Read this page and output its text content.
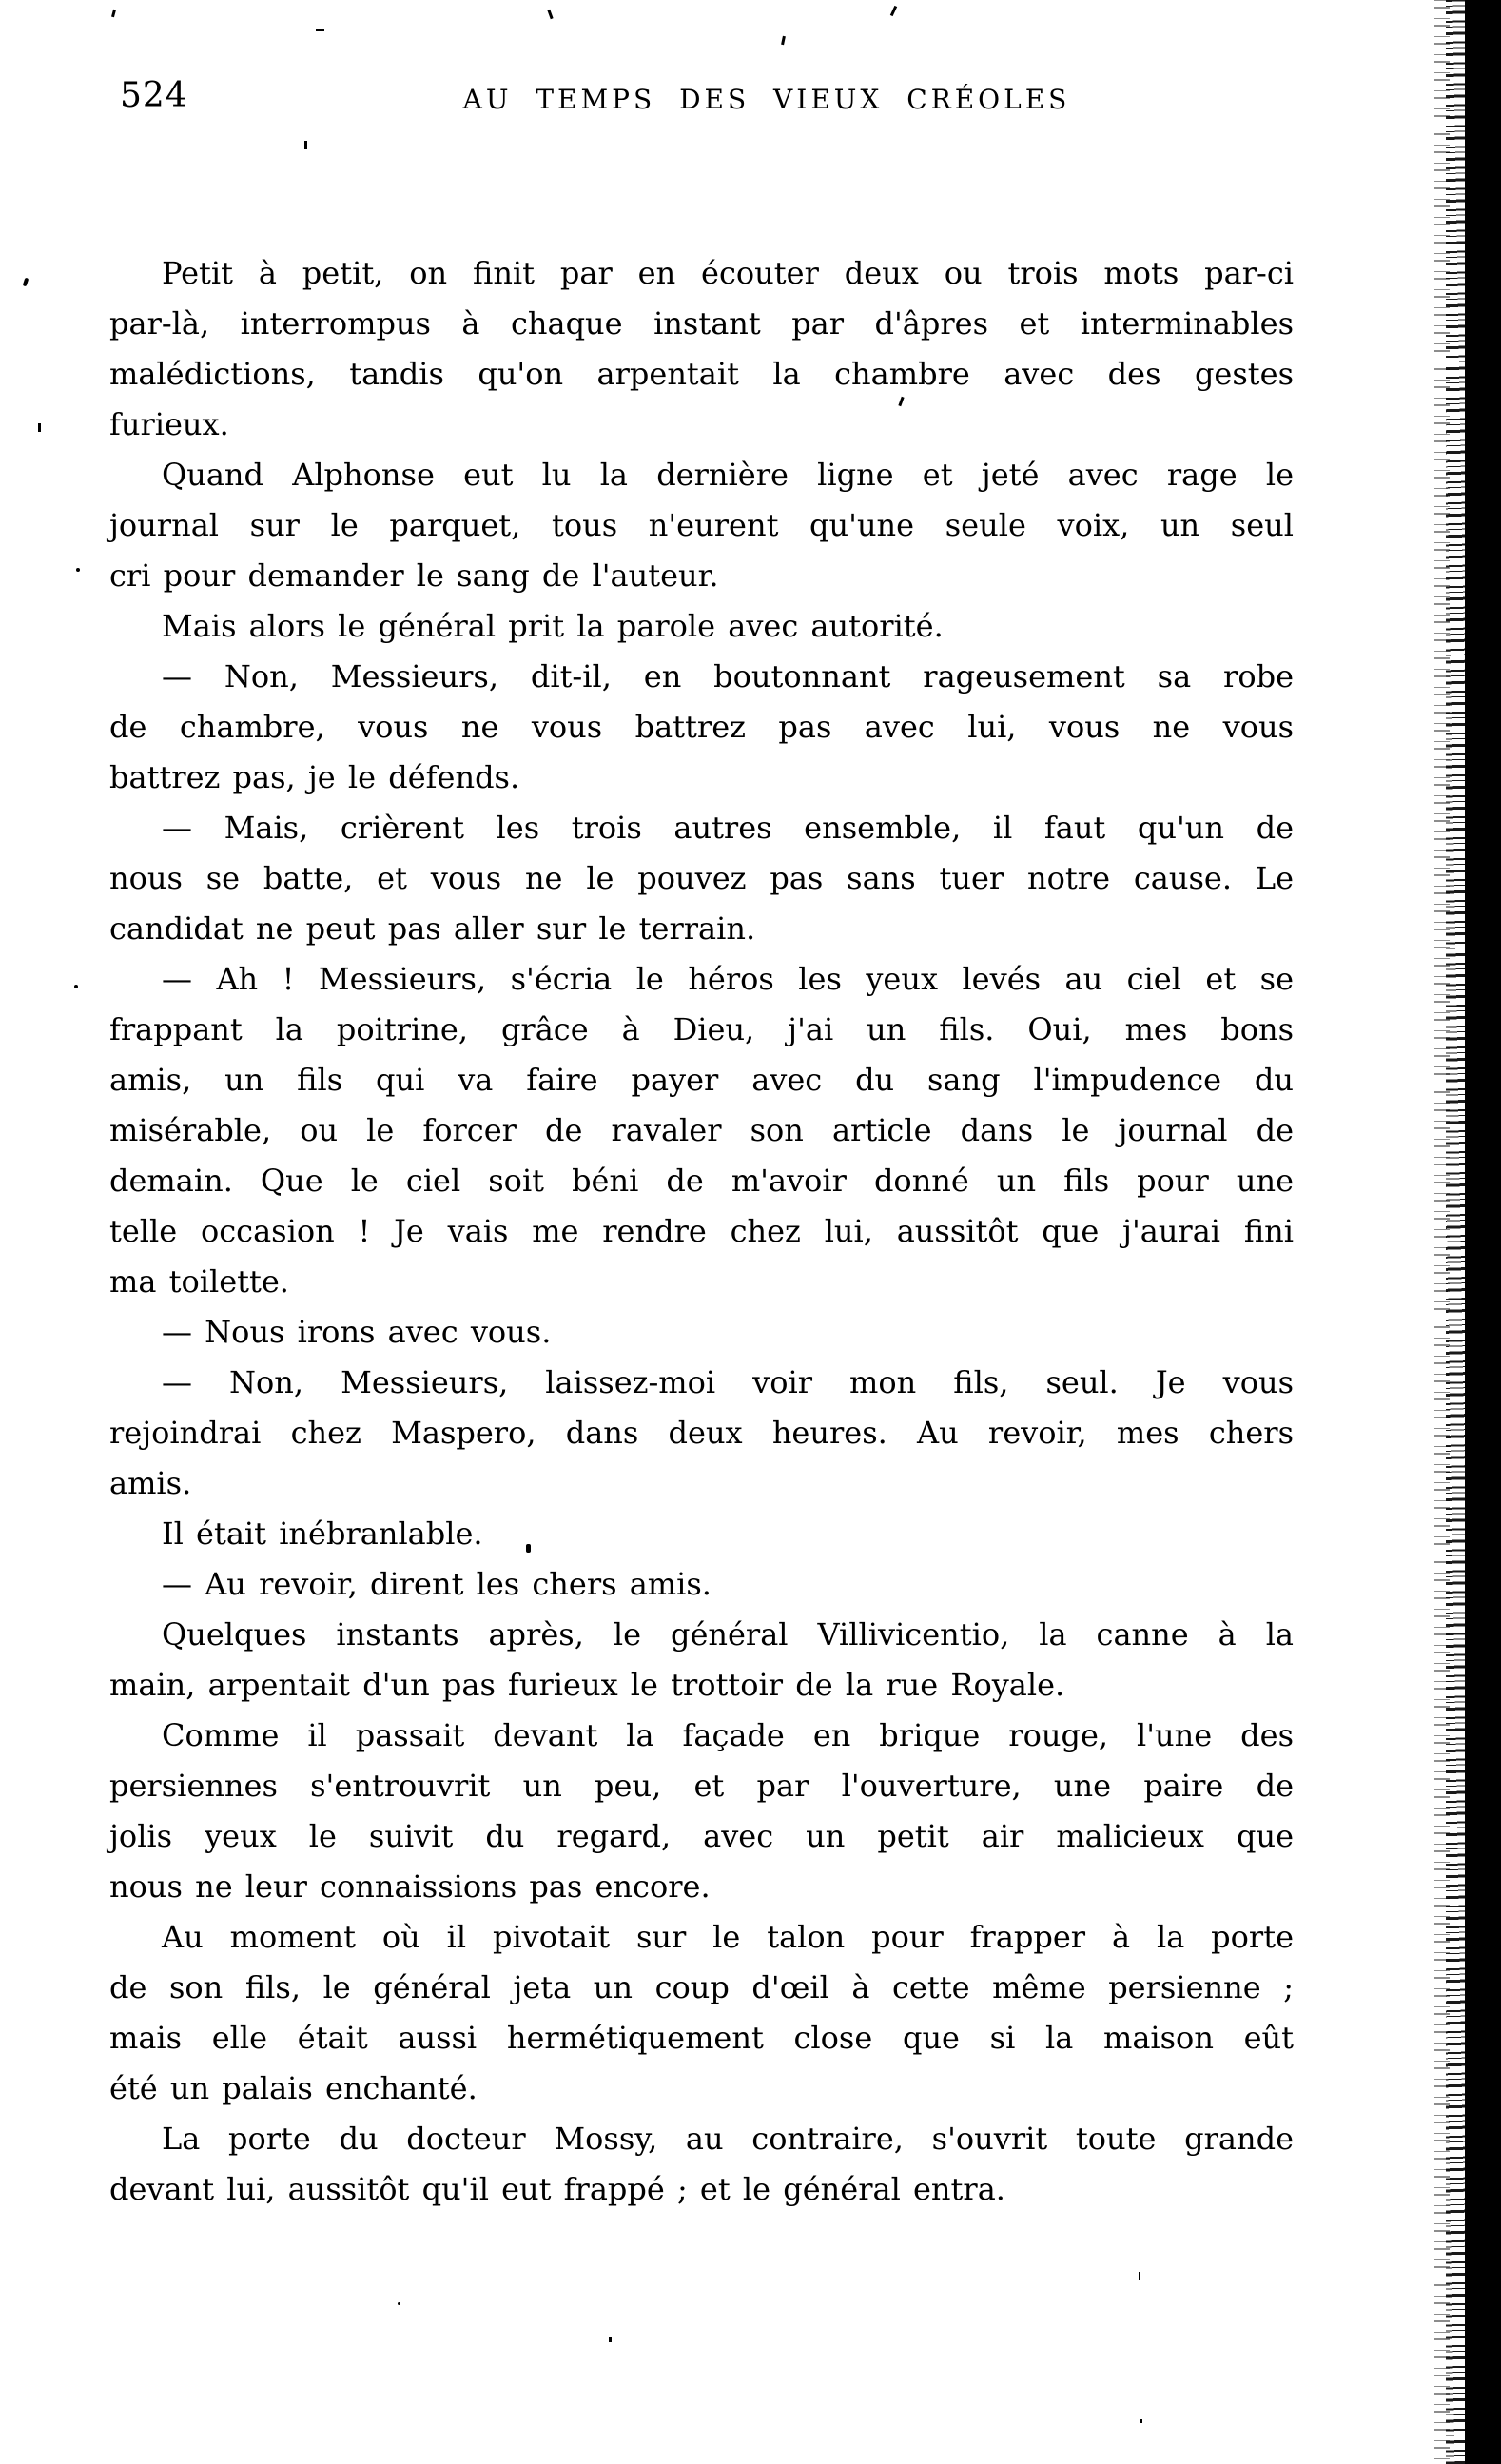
524	AU TEMPS DES VIEUX CRÉOLES

Petit à petit, on finit par en écouter deux ou trois mots par-ci
par-là, interrompus à chaque instant par d'âpres et interminables
malédictions, tandis qu'on arpentait la chambre avec des gestes
furieux.

Quand Alphonse eut lu la dernière ligne et jeté avec rage le
journal sur le parquet, tous n'eurent qu'une seule voix, un seul
cri pour demander le sang de l'auteur.

Mais alors le général prit la parole avec autorité.

— Non, Messieurs, dit-il, en boutonnant rageusement sa robe
de chambre, vous ne vous battrez pas avec lui, vous ne vous
battrez pas, je le défends.

— Mais, crièrent les trois autres ensemble, il faut qu'un de
nous se batte, et vous ne le pouvez pas sans tuer notre cause. Le
candidat ne peut pas aller sur le terrain.

— Ah ! Messieurs, s'écria le héros les yeux levés au ciel et se
frappant la poitrine, grâce à Dieu, j'ai un fils. Oui, mes bons
amis, un fils qui va faire payer avec du sang l'impudence du
misérable, ou le forcer de ravaler son article dans le journal de
demain. Que le ciel soit béni de m'avoir donné un fils pour une
telle occasion ! Je vais me rendre chez lui, aussitôt que j'aurai fini
ma toilette.

— Nous irons avec vous.

— Non, Messieurs, laissez-moi voir mon fils, seul. Je vous
rejoindrai chez Maspero, dans deux heures. Au revoir, mes chers
amis.

Il était inébranlable.

— Au revoir, dirent les chers amis.

Quelques instants après, le général Villivicentio, la canne à la
main, arpentait d'un pas furieux le trottoir de la rue Royale.

Comme il passait devant la façade en brique rouge, l'une des
persiennes s'entrouvrit un peu, et par l'ouverture, une paire de
jolis yeux le suivit du regard, avec un petit air malicieux que
nous ne leur connaissions pas encore.

Au moment où il pivotait sur le talon pour frapper à la porte
de son fils, le général jeta un coup d'œil à cette même persienne ;
mais elle était aussi hermétiquement close que si la maison eût
été un palais enchanté.

La porte du docteur Mossy, au contraire, s'ouvrit toute grande
devant lui, aussitôt qu'il eut frappé ; et le général entra.
